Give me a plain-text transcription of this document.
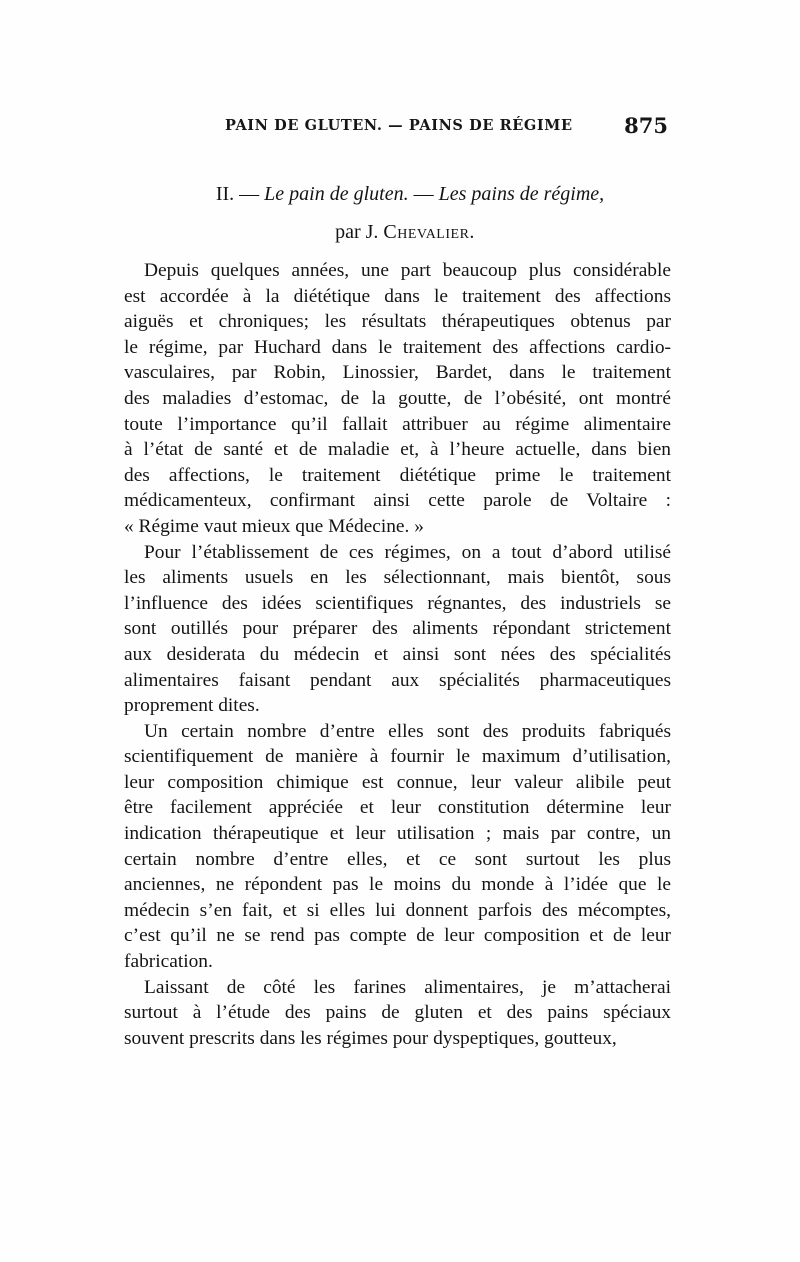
PAIN DE GLUTEN. — PAINS DE RÉGIME 875
II. — Le pain de gluten. — Les pains de régime,
par J. Chevalier.
Depuis quelques années, une part beaucoup plus considérable
est accordée à la diététique dans le traitement des affections
aiguës et chroniques; les résultats thérapeutiques obtenus par
le régime, par Huchard dans le traitement des affections cardio-
vasculaires, par Robin, Linossier, Bardet, dans le traitement
des maladies d’estomac, de la goutte, de l’obésité, ont montré
toute l’importance qu’il fallait attribuer au régime alimentaire
à l’état de santé et de maladie et, à l’heure actuelle, dans bien
des affections, le traitement diététique prime le traitement
médicamenteux, confirmant ainsi cette parole de Voltaire :
« Régime vaut mieux que Médecine. »
Pour l’établissement de ces régimes, on a tout d’abord utilisé
les aliments usuels en les sélectionnant, mais bientôt, sous
l’influence des idées scientifiques régnantes, des industriels se
sont outillés pour préparer des aliments répondant strictement
aux desiderata du médecin et ainsi sont nées des spécialités
alimentaires faisant pendant aux spécialités pharmaceutiques
proprement dites.
Un certain nombre d’entre elles sont des produits fabriqués
scientifiquement de manière à fournir le maximum d’utilisation,
leur composition chimique est connue, leur valeur alibile peut
être facilement appréciée et leur constitution détermine leur
indication thérapeutique et leur utilisation ; mais par contre, un
certain nombre d’entre elles, et ce sont surtout les plus
anciennes, ne répondent pas le moins du monde à l’idée que le
médecin s’en fait, et si elles lui donnent parfois des mécomptes,
c’est qu’il ne se rend pas compte de leur composition et de leur
fabrication.
Laissant de côté les farines alimentaires, je m’attacherai
surtout à l’étude des pains de gluten et des pains spéciaux
souvent prescrits dans les régimes pour dyspeptiques, goutteux,
